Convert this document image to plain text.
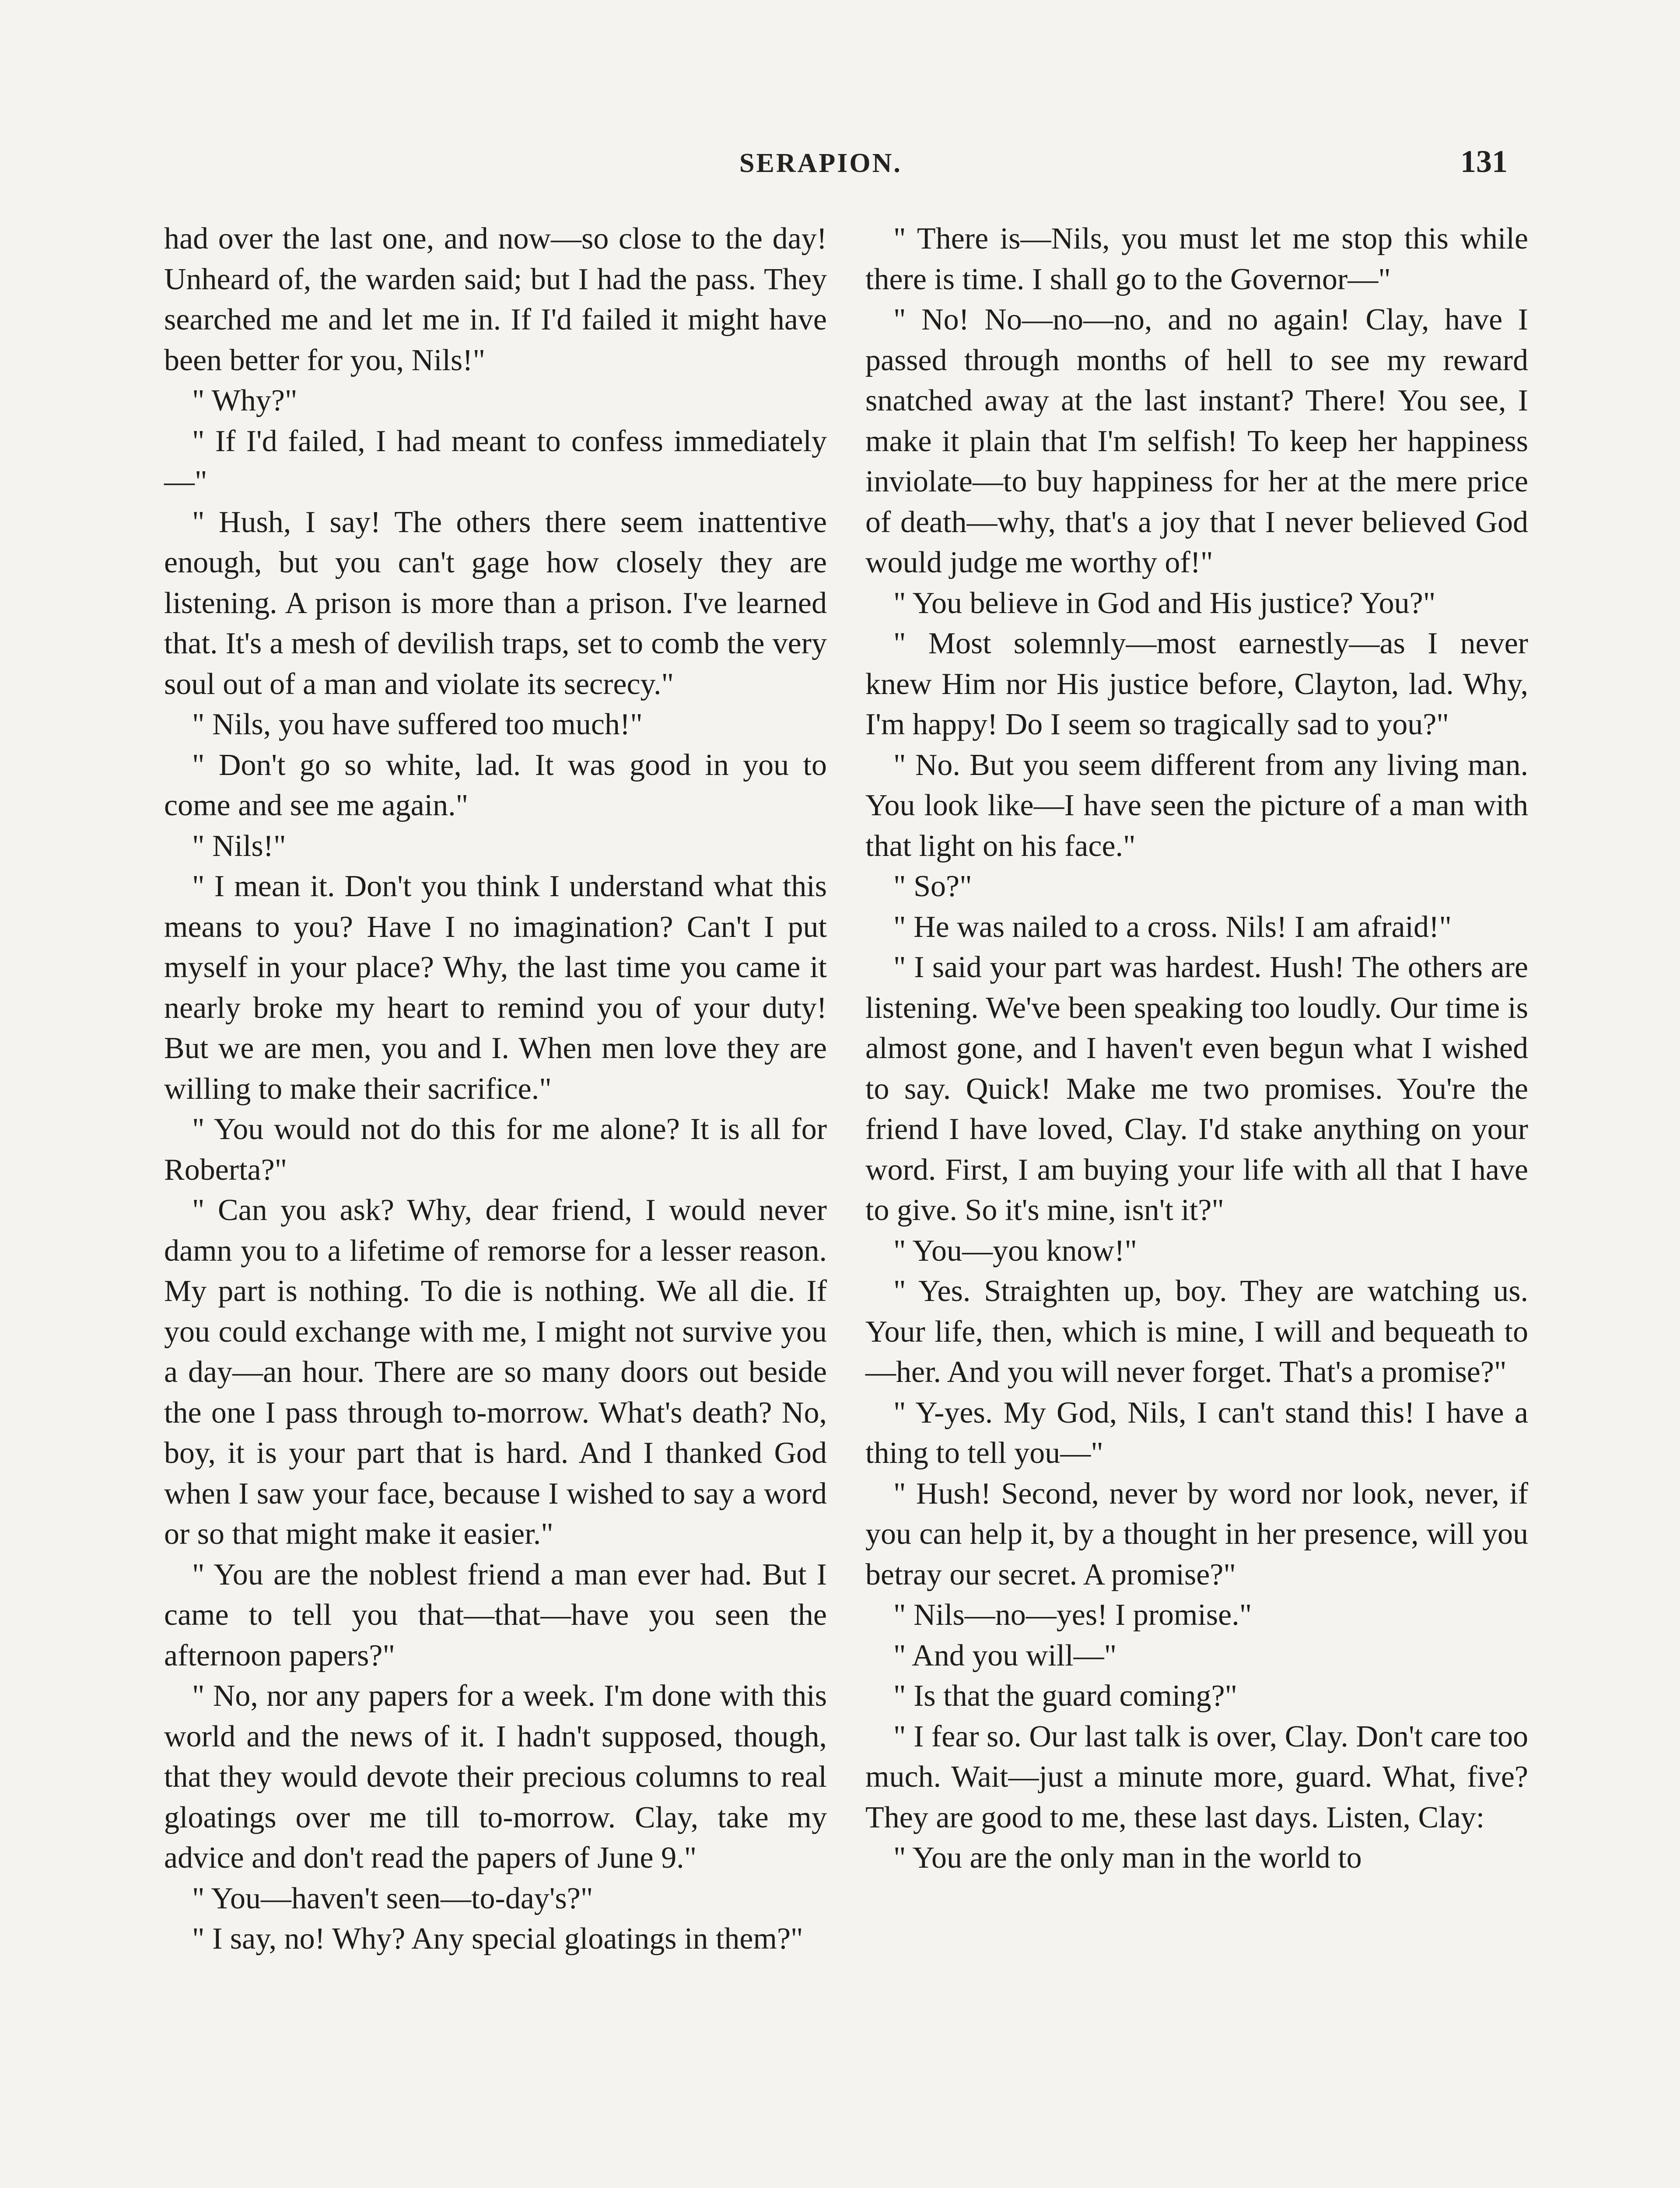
SERAPION.	131

had over the last one, and now—so close to the day! Unheard of, the warden said; but I had the pass. They searched me and let me in. If I'd failed it might have been better for you, Nils!"

" Why?"

" If I'd failed, I had meant to confess immediately—"

" Hush, I say! The others there seem inattentive enough, but you can't gage how closely they are listening. A prison is more than a prison. I've learned that. It's a mesh of devilish traps, set to comb the very soul out of a man and violate its secrecy."

" Nils, you have suffered too much!"

" Don't go so white, lad. It was good in you to come and see me again."

" Nils!"

" I mean it. Don't you think I understand what this means to you? Have I no imagination? Can't I put myself in your place? Why, the last time you came it nearly broke my heart to remind you of your duty! But we are men, you and I. When men love they are willing to make their sacrifice."

" You would not do this for me alone? It is all for Roberta?"

" Can you ask? Why, dear friend, I would never damn you to a lifetime of remorse for a lesser reason. My part is nothing. To die is nothing. We all die. If you could exchange with me, I might not survive you a day—an hour. There are so many doors out beside the one I pass through to-morrow. What's death? No, boy, it is your part that is hard. And I thanked God when I saw your face, because I wished to say a word or so that might make it easier."

" You are the noblest friend a man ever had. But I came to tell you that—that—have you seen the afternoon papers?"

" No, nor any papers for a week. I'm done with this world and the news of it. I hadn't supposed, though, that they would devote their precious columns to real gloatings over me till to-morrow. Clay, take my advice and don't read the papers of June 9."

" You—haven't seen—to-day's?"

" I say, no! Why? Any special gloatings in them?"

" There is—Nils, you must let me stop this while there is time. I shall go to the Governor—"

" No! No—no—no, and no again! Clay, have I passed through months of hell to see my reward snatched away at the last instant? There! You see, I make it plain that I'm selfish! To keep her happiness inviolate—to buy happiness for her at the mere price of death—why, that's a joy that I never believed God would judge me worthy of!"

" You believe in God and His justice? You?"

" Most solemnly—most earnestly—as I never knew Him nor His justice before, Clayton, lad. Why, I'm happy! Do I seem so tragically sad to you?"

" No. But you seem different from any living man. You look like—I have seen the picture of a man with that light on his face."

" So?"

" He was nailed to a cross. Nils! I am afraid!"

" I said your part was hardest. Hush! The others are listening. We've been speaking too loudly. Our time is almost gone, and I haven't even begun what I wished to say. Quick! Make me two promises. You're the friend I have loved, Clay. I'd stake anything on your word. First, I am buying your life with all that I have to give. So it's mine, isn't it?"

" You—you know!"

" Yes. Straighten up, boy. They are watching us. Your life, then, which is mine, I will and bequeath to—her. And you will never forget. That's a promise?"

" Y-yes. My God, Nils, I can't stand this! I have a thing to tell you—"

" Hush! Second, never by word nor look, never, if you can help it, by a thought in her presence, will you betray our secret. A promise?"

" Nils—no—yes! I promise."

" And you will—"

" Is that the guard coming?"

" I fear so. Our last talk is over, Clay. Don't care too much. Wait—just a minute more, guard. What, five? They are good to me, these last days. Listen, Clay:

" You are the only man in the world to
